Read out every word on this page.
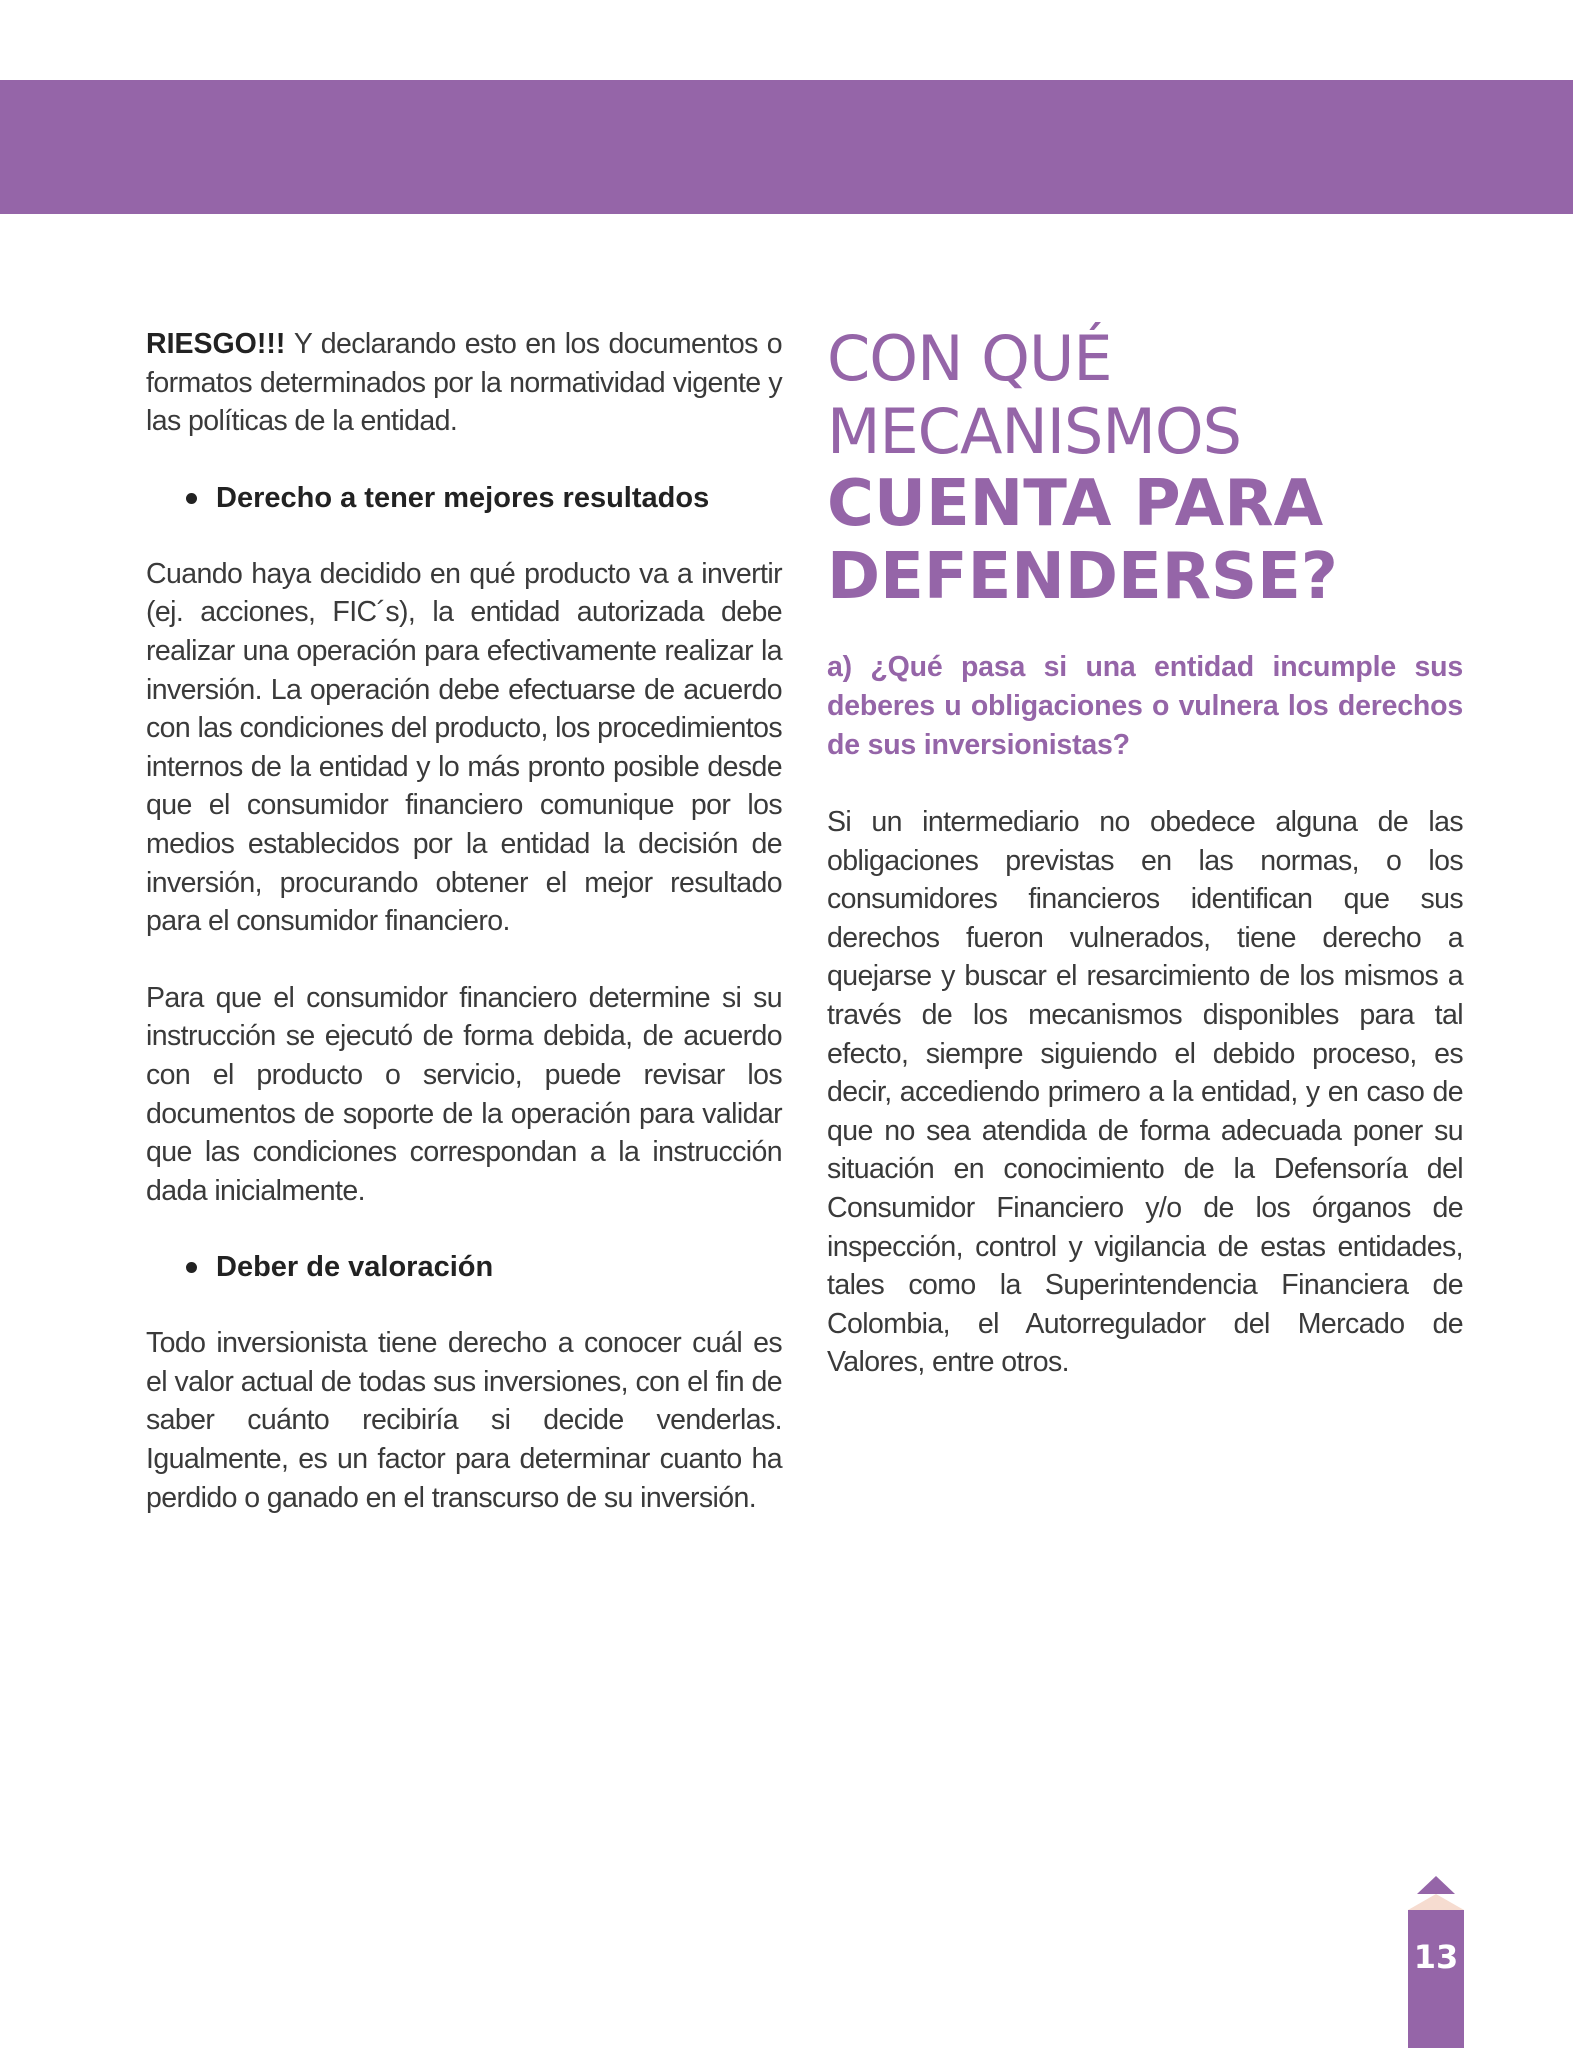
RIESGO!!! Y declarando esto en los documentos o formatos determinados por la normatividad vigente y las políticas de la entidad.

Derecho a tener mejores resultados

Cuando haya decidido en qué producto va a invertir (ej. acciones, FIC´s), la entidad autorizada debe realizar una operación para efectivamente realizar la inversión. La operación debe efectuarse de acuerdo con las condiciones del producto, los procedimientos internos de la entidad y lo más pronto posible desde que el consumidor financiero comunique por los medios establecidos por la entidad la decisión de inversión, procurando obtener el mejor resultado para el consumidor financiero.

Para que el consumidor financiero determine si su instrucción se ejecutó de forma debida, de acuerdo con el producto o servicio, puede revisar los documentos de soporte de la operación para validar que las condiciones correspondan a la instrucción dada inicialmente.

Deber de valoración

Todo inversionista tiene derecho a conocer cuál es el valor actual de todas sus inversiones, con el fin de saber cuánto recibiría si decide venderlas. Igualmente, es un factor para determinar cuanto ha perdido o ganado en el transcurso de su inversión.

CON QUÉ
MECANISMOS
CUENTA PARA
DEFENDERSE?

a) ¿Qué pasa si una entidad incumple sus deberes u obligaciones o vulnera los derechos de sus inversionistas?

Si un intermediario no obedece alguna de las obligaciones previstas en las normas, o los consumidores financieros identifican que sus derechos fueron vulnerados, tiene derecho a quejarse y buscar el resarcimiento de los mismos a través de los mecanismos disponibles para tal efecto, siempre siguiendo el debido proceso, es decir, accediendo primero a la entidad, y en caso de que no sea atendida de forma adecuada poner su situación en conocimiento de la Defensoría del Consumidor Financiero y/o de los órganos de inspección, control y vigilancia de estas entidades, tales como la Superintendencia Financiera de Colombia, el Autorregulador del Mercado de Valores, entre otros.

13
